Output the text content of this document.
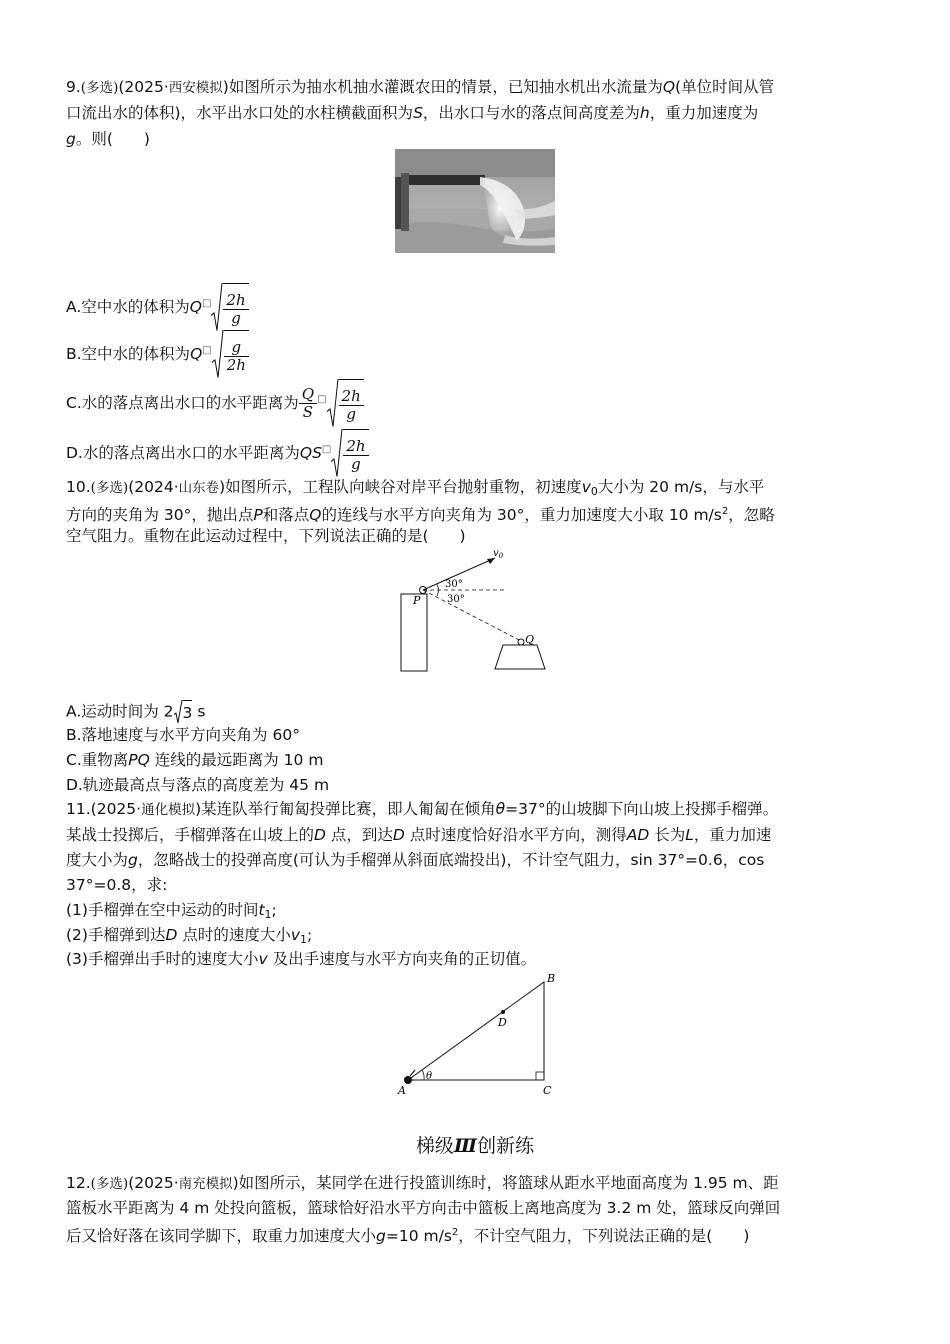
9.(多选)(2025·西安模拟)如图所示为抽水机抽水灌溉农田的情景，已知抽水机出水流量为Q(单位时间从管
口流出水的体积)，水平出水口处的水柱横截面积为S，出水口与水的落点间高度差为h，重力加速度为
g。则(　　)
A.空中水的体积为$Q^□ \frac{2h}{g}$
B.空中水的体积为$Q^□ \frac{g}{2h}$
C.水的落点离出水口的水平距离为 $\frac{Q}{S} ^□ \frac{2h}{g}$
D.水的落点离出水口的水平距离为$QS^□ \frac{2h}{g}$
10.(多选)(2024·山东卷)如图所示，工程队向峡谷对岸平台抛射重物，初速度$v_0$大小为 20 m/s，与水平
方向的夹角为 30°，抛出点P和落点Q的连线与水平方向夹角为 30°，重力加速度大小取 10 $m/s^2$，忽略
空气阻力。重物在此运动过程中，下列说法正确的是(　　)
$v_0$
30°
30°
P
Q
A.运动时间为 2 3 s
B.落地速度与水平方向夹角为 60°
C.重物离PQ 连线的最远距离为 10 m
D.轨迹最高点与落点的高度差为 45 m
11.(2025·通化模拟)某连队举行匍匐投弹比赛，即人匍匐在倾角θ=37°的山坡脚下向山坡上投掷手榴弹。
某战士投掷后，手榴弹落在山坡上的D 点，到达D 点时速度恰好沿水平方向，测得AD 长为L，重力加速
度大小为g，忽略战士的投弹高度(可认为手榴弹从斜面底端投出)，不计空气阻力，sin 37°=0.6，cos
37°=0.8，求:
(1)手榴弹在空中运动的时间$t_1$;
(2)手榴弹到达D 点时的速度大小$v_1$;
(3)手榴弹出手时的速度大小v 及出手速度与水平方向夹角的正切值。
A
B
C
D
θ
梯级Ⅲ创新练
12.(多选)(2025·南充模拟)如图所示，某同学在进行投篮训练时，将篮球从距水平地面高度为 1.95 m、距
篮板水平距离为 4 m 处投向篮板，篮球恰好沿水平方向击中篮板上离地高度为 3.2 m 处，篮球反向弹回
后又恰好落在该同学脚下，取重力加速度大小g=10 $m/s^2$，不计空气阻力，下列说法正确的是(　　)
